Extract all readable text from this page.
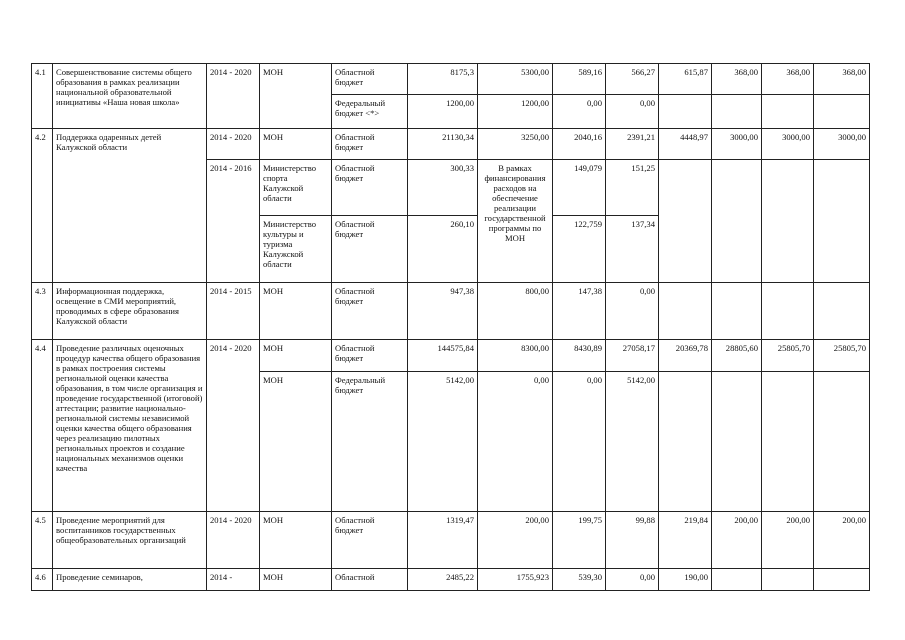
4.1	Совершенствование системы общего образования в рамках реализации национальной образовательной инициативы «Наша новая школа»	2014 - 2020	МОН	Областной бюджет	8175,3	5300,00	589,16	566,27	615,87	368,00	368,00	368,00
				Федеральный бюджет <*>	1200,00	1200,00	0,00	0,00				
4.2	Поддержка одаренных детей Калужской области	2014 - 2020	МОН	Областной бюджет	21130,34	3250,00	2040,16	2391,21	4448,97	3000,00	3000,00	3000,00
		2014 - 2016	Министерство спорта Калужской области	Областной бюджет	300,33	В рамках финансирования расходов на обеспечение реализации государственной программы по МОН	149,079	151,25				
			Министерство культуры и туризма Калужской области	Областной бюджет	260,10		122,759	137,34				
4.3	Информационная поддержка, освещение в СМИ мероприятий, проводимых в сфере образования Калужской области	2014 - 2015	МОН	Областной бюджет	947,38	800,00	147,38	0,00				
4.4	Проведение различных оценочных процедур качества общего образования в рамках построения системы региональной оценки качества образования, в том числе организация и проведение государственной (итоговой) аттестации; развитие национально-региональной системы независимой оценки качества общего образования через реализацию пилотных региональных проектов и создание национальных механизмов оценки качества	2014 - 2020	МОН	Областной бюджет	144575,84	8300,00	8430,89	27058,17	20369,78	28805,60	25805,70	25805,70
			МОН	Федеральный бюджет	5142,00	0,00	0,00	5142,00				
4.5	Проведение мероприятий для воспитанников государственных общеобразовательных организаций	2014 - 2020	МОН	Областной бюджет	1319,47	200,00	199,75	99,88	219,84	200,00	200,00	200,00
4.6	Проведение семинаров,	2014 -	МОН	Областной	2485,22	1755,923	539,30	0,00	190,00			
